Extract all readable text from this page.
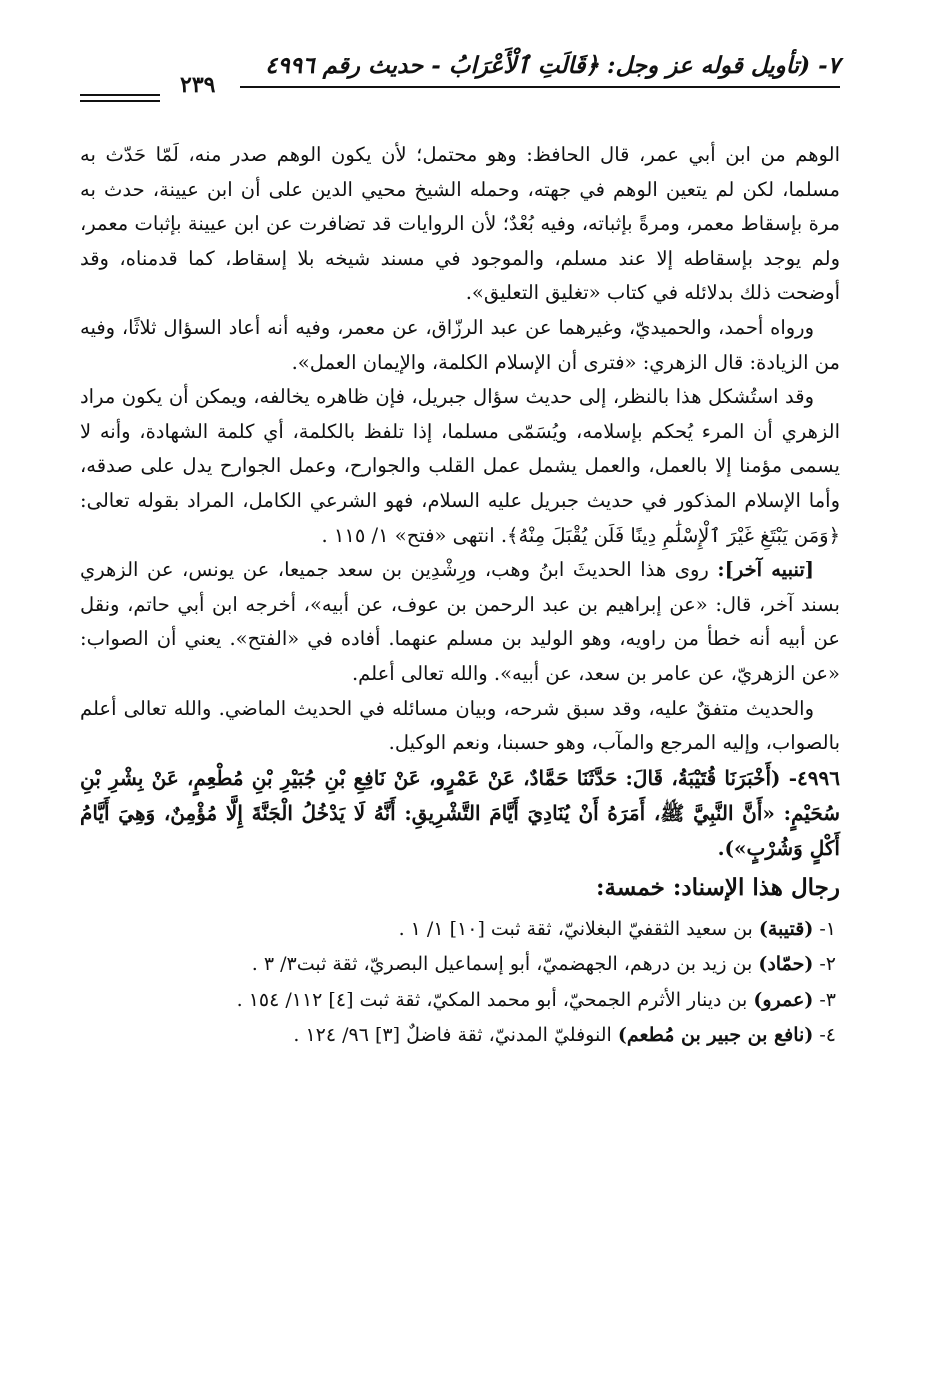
٧- (تأويل قوله عز وجل: ﴿قَالَتِ ٱلْأَعْرَابُ - حديث رقم ٤٩٩٦
٢٣٩

الوهم من ابن أبي عمر، قال الحافظ: وهو محتمل؛ لأن يكون الوهم صدر منه، لَمّا حَدّث به مسلما، لكن لم يتعين الوهم في جهته، وحمله الشيخ محيي الدين على أن ابن عيينة، حدث به مرة بإسقاط معمر، ومرةً بإثباته، وفيه بُعْدٌ؛ لأن الروايات قد تضافرت عن ابن عيينة بإثبات معمر، ولم يوجد بإسقاطه إلا عند مسلم، والموجود في مسند شيخه بلا إسقاط، كما قدمناه، وقد أوضحت ذلك بدلائله في كتاب «تغليق التعليق».

ورواه أحمد، والحميديّ، وغيرهما عن عبد الرزّاق، عن معمر، وفيه أنه أعاد السؤال ثلاثًا، وفيه من الزيادة: قال الزهري: «فترى أن الإسلام الكلمة، والإيمان العمل».

وقد استُشكل هذا بالنظر، إلى حديث سؤال جبريل، فإن ظاهره يخالفه، ويمكن أن يكون مراد الزهري أن المرء يُحكم بإسلامه، ويُسَمّى مسلما، إذا تلفظ بالكلمة، أي كلمة الشهادة، وأنه لا يسمى مؤمنا إلا بالعمل، والعمل يشمل عمل القلب والجوارح، وعمل الجوارح يدل على صدقه، وأما الإسلام المذكور في حديث جبريل عليه السلام، فهو الشرعي الكامل، المراد بقوله تعالى: ﴿وَمَن يَبْتَغِ غَيْرَ ٱلْإِسْلَٰمِ دِينًا فَلَن يُقْبَلَ مِنْهُ﴾. انتهى «فتح» ١/ ١١٥ .

[تنبيه آخر]: روى هذا الحديثَ ابنُ وهب، ورِشْدِين بن سعد جميعا، عن يونس، عن الزهري بسند آخر، قال: «عن إبراهيم بن عبد الرحمن بن عوف، عن أبيه»، أخرجه ابن أبي حاتم، ونقل عن أبيه أنه خطأ من راويه، وهو الوليد بن مسلم عنهما. أفاده في «الفتح». يعني أن الصواب: «عن الزهريّ، عن عامر بن سعد، عن أبيه». والله تعالى أعلم.

والحديث متفقٌ عليه، وقد سبق شرحه، وبيان مسائله في الحديث الماضي. والله تعالى أعلم بالصواب، وإليه المرجع والمآب، وهو حسبنا، ونعم الوكيل.

٤٩٩٦- (أَخْبَرَنَا قُتَيْبَةُ، قَالَ: حَدَّثَنَا حَمَّادٌ، عَنْ عَمْرٍو، عَنْ نَافِعِ بْنِ جُبَيْرِ بْنِ مُطْعِمٍ، عَنْ بِشْرِ بْنِ سُحَيْمٍ: «أَنَّ النَّبِيَّ ﷺ، أَمَرَهُ أَنْ يُنَادِيَ أَيَّامَ التَّشْرِيقِ: أَنَّهُ لَا يَدْخُلُ الْجَنَّةَ إِلَّا مُؤْمِنٌ، وَهِيَ أَيَّامُ أَكْلٍ وَشُرْبٍ»).

رجال هذا الإسناد: خمسة:

١- (قتيبة) بن سعيد الثقفيّ البغلانيّ، ثقة ثبت [١٠] ١/ ١ .

٢- (حمّاد) بن زيد بن درهم، الجهضميّ، أبو إسماعيل البصريّ، ثقة ثبت٣/ ٣ .

٣- (عمرو) بن دينار الأثرم الجمحيّ، أبو محمد المكيّ، ثقة ثبت [٤] ١١٢/ ١٥٤ .

٤- (نافع بن جبير بن مُطعم) النوفليّ المدنيّ، ثقة فاضلٌ [٣] ٩٦/ ١٢٤ .
